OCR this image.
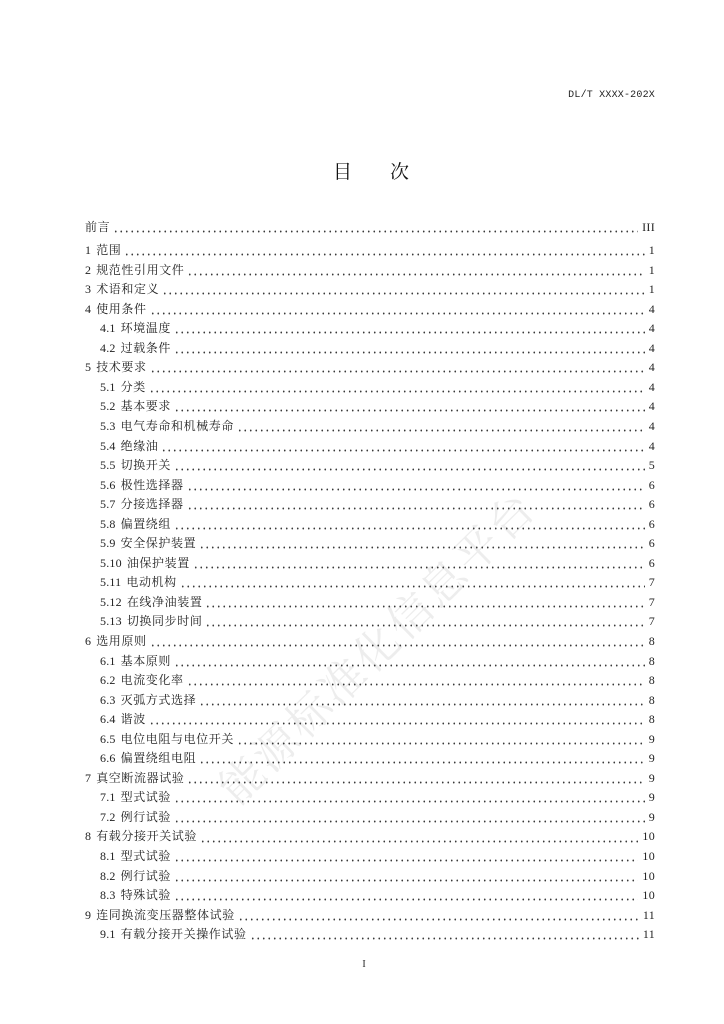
DL/T XXXX-202X
目　　次
前言	III
1 范围	1
2 规范性引用文件	1
3 术语和定义	1
4 使用条件	4
4.1 环境温度	4
4.2 过载条件	4
5 技术要求	4
5.1 分类	4
5.2 基本要求	4
5.3 电气寿命和机械寿命	4
5.4 绝缘油	4
5.5 切换开关	5
5.6 极性选择器	6
5.7 分接选择器	6
5.8 偏置绕组	6
5.9 安全保护装置	6
5.10 油保护装置	6
5.11 电动机构	7
5.12 在线净油装置	7
5.13 切换同步时间	7
6 选用原则	8
6.1 基本原则	8
6.2 电流变化率	8
6.3 灭弧方式选择	8
6.4 谐波	8
6.5 电位电阻与电位开关	9
6.6 偏置绕组电阻	9
7 真空断流器试验	9
7.1 型式试验	9
7.2 例行试验	9
8 有载分接开关试验	10
8.1 型式试验	10
8.2 例行试验	10
8.3 特殊试验	10
9 连同换流变压器整体试验	11
9.1 有载分接开关操作试验	11
I
